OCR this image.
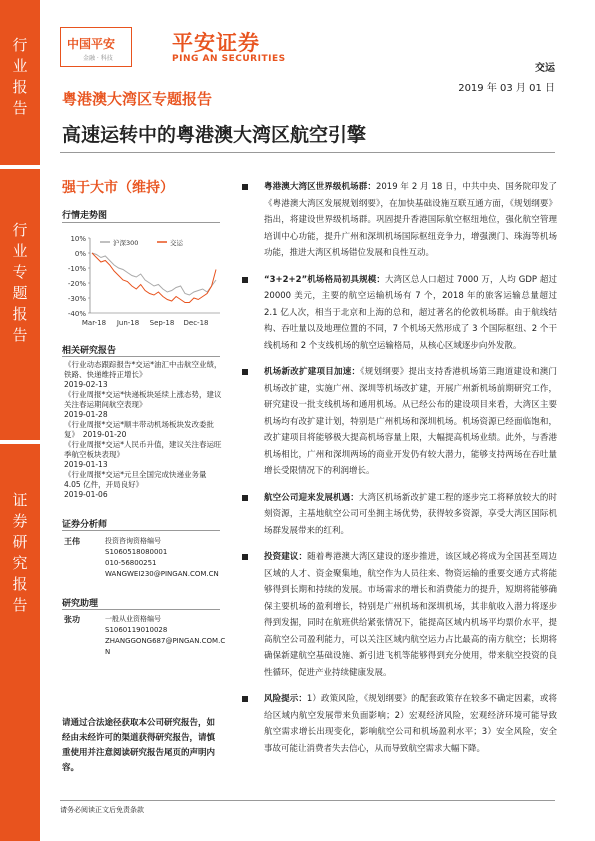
行
业
报
告
行
业
专
题
报
告
证
券
研
究
报
告
中国平安
金融 · 科技
平安证券
PING AN SECURITIES
交运
2019 年 03 月 01 日
粤港澳大湾区专题报告
高速运转中的粤港澳大湾区航空引擎
强于大市（维持）
行情走势图
10%
0%
-10%
-20%
-30%
-40%
Mar-18 Jun-18 Sep-18 Dec-18
沪深300	交运
相关研究报告
《行业动态跟踪报告*交运*油汇中击航空业绩，铁路、快递维持正增长》
2019-02-13
《行业周报*交运*快递板块延续上涨态势，建议关注春运期间航空表现》
2019-01-28
《行业周报*交运*顺丰带动机场板块发改委批复》　2019-01-20
《行业周报*交运*人民币升值，建议关注春运旺季航空板块表现》
2019-01-13
《行业周报*交运*元旦全国完成快递业务量 4.05 亿件，开局良好》
2019-01-06
证券分析师
王伟	投资咨询资格编号
S1060518080001
010-56800251
WANGWEI230@PINGAN.COM.CN
研究助理
张功	一般从业资格编号
S1060119010028
ZHANGGONG687@PINGAN.COM.C
N
请通过合法途径获取本公司研究报告，如经由未经许可的渠道获得研究报告，请慎重使用并注意阅读研究报告尾页的声明内容。
粤港澳大湾区世界级机场群：2019 年 2 月 18 日，中共中央、国务院印发了《粤港澳大湾区发展规划纲要》，在加快基础设施互联互通方面，《规划纲要》指出，将建设世界级机场群。巩固提升香港国际航空枢纽地位，强化航空管理培训中心功能，提升广州和深圳机场国际枢纽竞争力，增强澳门、珠海等机场功能，推进大湾区机场错位发展和良性互动。
“3+2+2”机场格局初具规模：大湾区总人口超过 7000 万，人均 GDP 超过 20000 美元，主要的航空运输机场有 7 个，2018 年的旅客运输总量超过 2.1 亿人次，相当于北京和上海的总和，超过著名的伦敦机场群。由于航线结构、吞吐量以及地理位置的不同，7 个机场天然形成了 3 个国际枢纽、2 个干线机场和 2 个支线机场的航空运输格局，从核心区域逐步向外发散。
机场新改扩建项目加速：《规划纲要》提出支持香港机场第三跑道建设和澳门机场改扩建，实施广州、深圳等机场改扩建，开展广州新机场前期研究工作，研究建设一批支线机场和通用机场。从已经公布的建设项目来看，大湾区主要机场均有改扩建计划，特别是广州机场和深圳机场。机场资源已经面临饱和，改扩建项目将能够极大提高机场容量上限，大幅提高机场业绩。此外，与香港机场相比，广州和深圳两场的商业开发仍有较大潜力，能够支持两场在吞吐量增长受限情况下的利润增长。
航空公司迎来发展机遇：大湾区机场新改扩建工程的逐步完工将释放较大的时刻资源，主基地航空公司可坐拥主场优势，获得较多资源，享受大湾区国际机场群发展带来的红利。
投资建议：随着粤港澳大湾区建设的逐步推进，该区域必将成为全国甚至周边区域的人才、资金聚集地，航空作为人员往来、物资运输的重要交通方式将能够得到长期和持续的发展。市场需求的增长和消费能力的提升，短期将能够确保主要机场的盈利增长，特别是广州机场和深圳机场，其非航收入潜力将逐步得到发掘，同时在航班供给紧张情况下，能提高区域内机场平均票价水平，提高航空公司盈利能力，可以关注区域内航空运力占比最高的南方航空；长期将确保新建航空基础设施、新引进飞机等能够得到充分使用，带来航空投资的良性循环，促进产业持续健康发展。
风险提示：1）政策风险，《规划纲要》的配套政策存在较多不确定因素，或将给区域内航空发展带来负面影响；2）宏观经济风险，宏观经济环境可能导致航空需求增长出现变化，影响航空公司和机场盈利水平；3）安全风险，安全事故可能让消费者失去信心，从而导致航空需求大幅下降。
请务必阅读正文后免责条款
